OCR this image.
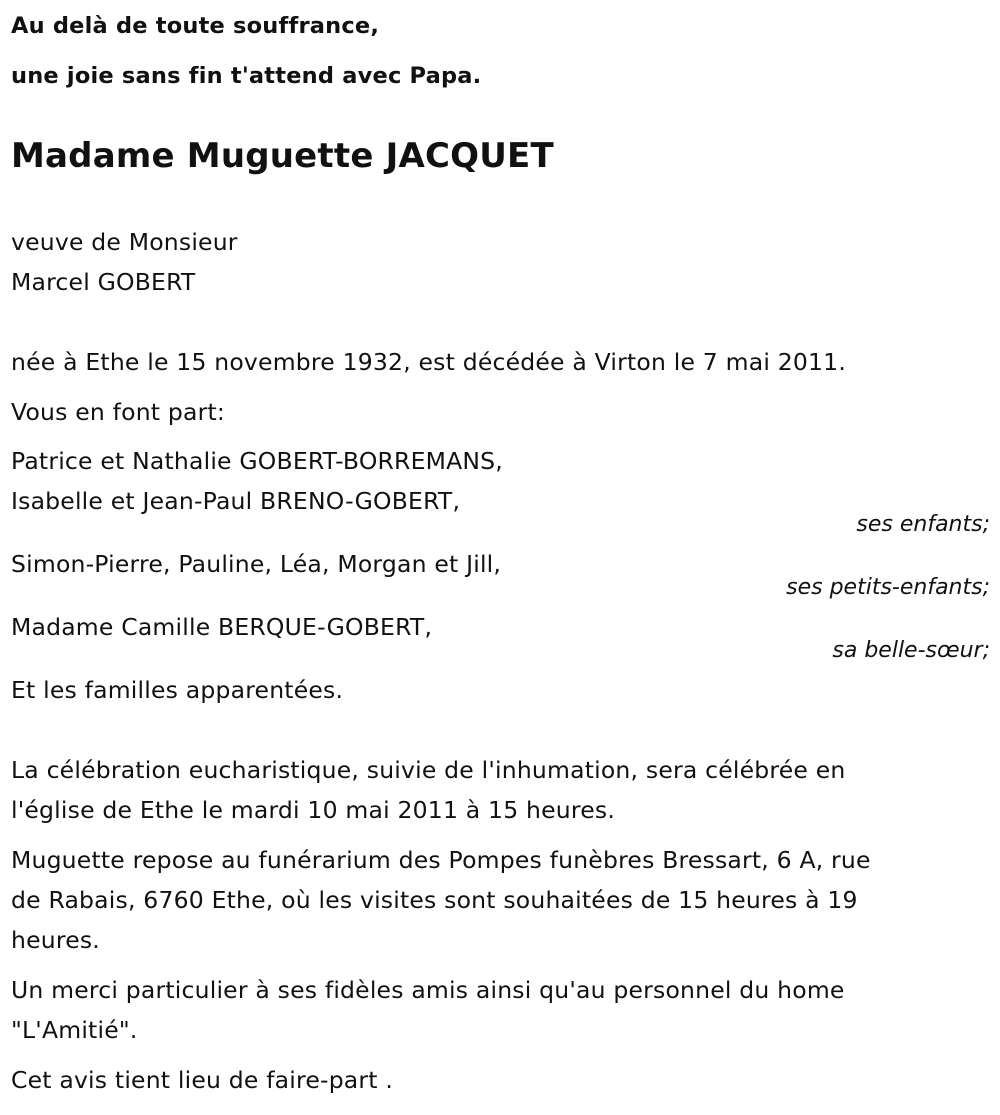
Au delà de toute souffrance,
une joie sans fin t'attend avec Papa.
Madame Muguette JACQUET
veuve de Monsieur
Marcel GOBERT
née à Ethe le 15 novembre 1932, est décédée à Virton le 7 mai 2011.
Vous en font part:
Patrice et Nathalie GOBERT-BORREMANS,
Isabelle et Jean-Paul BRENO-GOBERT,
ses enfants;
Simon-Pierre, Pauline, Léa, Morgan et Jill,
ses petits-enfants;
Madame Camille BERQUE-GOBERT,
sa belle-sœur;
Et les familles apparentées.
La célébration eucharistique, suivie de l'inhumation, sera célébrée en
l'église de Ethe le mardi 10 mai 2011 à 15 heures.
Muguette repose au funérarium des Pompes funèbres Bressart, 6 A, rue
de Rabais, 6760 Ethe, où les visites sont souhaitées de 15 heures à 19
heures.
Un merci particulier à ses fidèles amis ainsi qu'au personnel du home
"L'Amitié".
Cet avis tient lieu de faire-part .
